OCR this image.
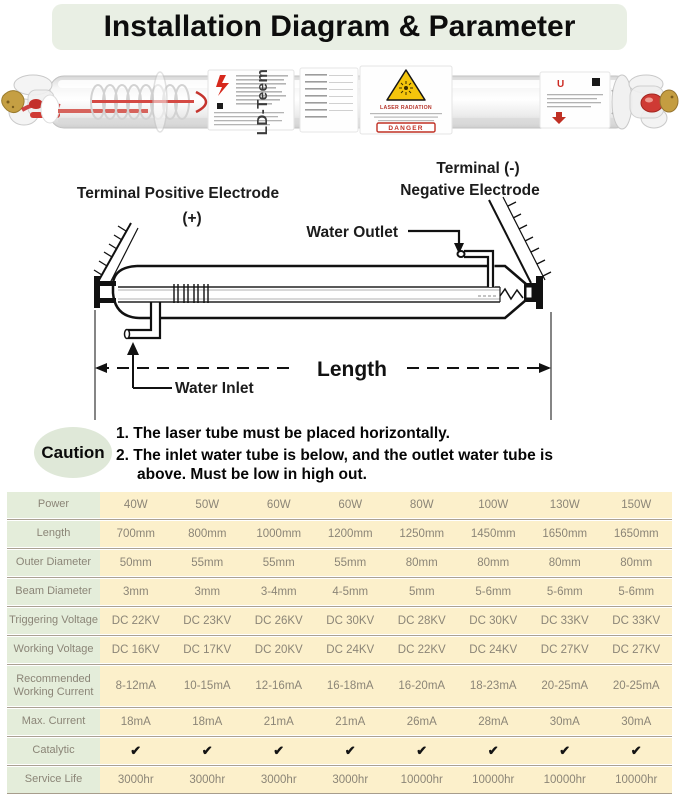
Installation Diagram & Parameter
LD-Teem	LASER RADIATION
DANGER
U
Terminal (-)
Negative Electrode
Terminal Positive Electrode
(+)
Water Outlet
Length
Water Inlet
Caution
1. The laser tube must be placed horizontally.
2. The inlet water tube is below, and the outlet water tube is above. Must be low in high out.
Power	40W	50W	60W	60W	80W	100W	130W	150W
Length	700mm	800mm	1000mm	1200mm	1250mm	1450mm	1650mm	1650mm
Outer Diameter	50mm	55mm	55mm	55mm	80mm	80mm	80mm	80mm
Beam Diameter	3mm	3mm	3-4mm	4-5mm	5mm	5-6mm	5-6mm	5-6mm
Triggering Voltage	DC 22KV	DC 23KV	DC 26KV	DC 30KV	DC 28KV	DC 30KV	DC 33KV	DC 33KV
Working Voltage	DC 16KV	DC 17KV	DC 20KV	DC 24KV	DC 22KV	DC 24KV	DC 27KV	DC 27KV
Recommended Working Current	8-12mA	10-15mA	12-16mA	16-18mA	16-20mA	18-23mA	20-25mA	20-25mA
Max. Current	18mA	18mA	21mA	21mA	26mA	28mA	30mA	30mA
Catalytic	✔	✔	✔	✔	✔	✔	✔	✔
Service Life	3000hr	3000hr	3000hr	3000hr	10000hr	10000hr	10000hr	10000hr
